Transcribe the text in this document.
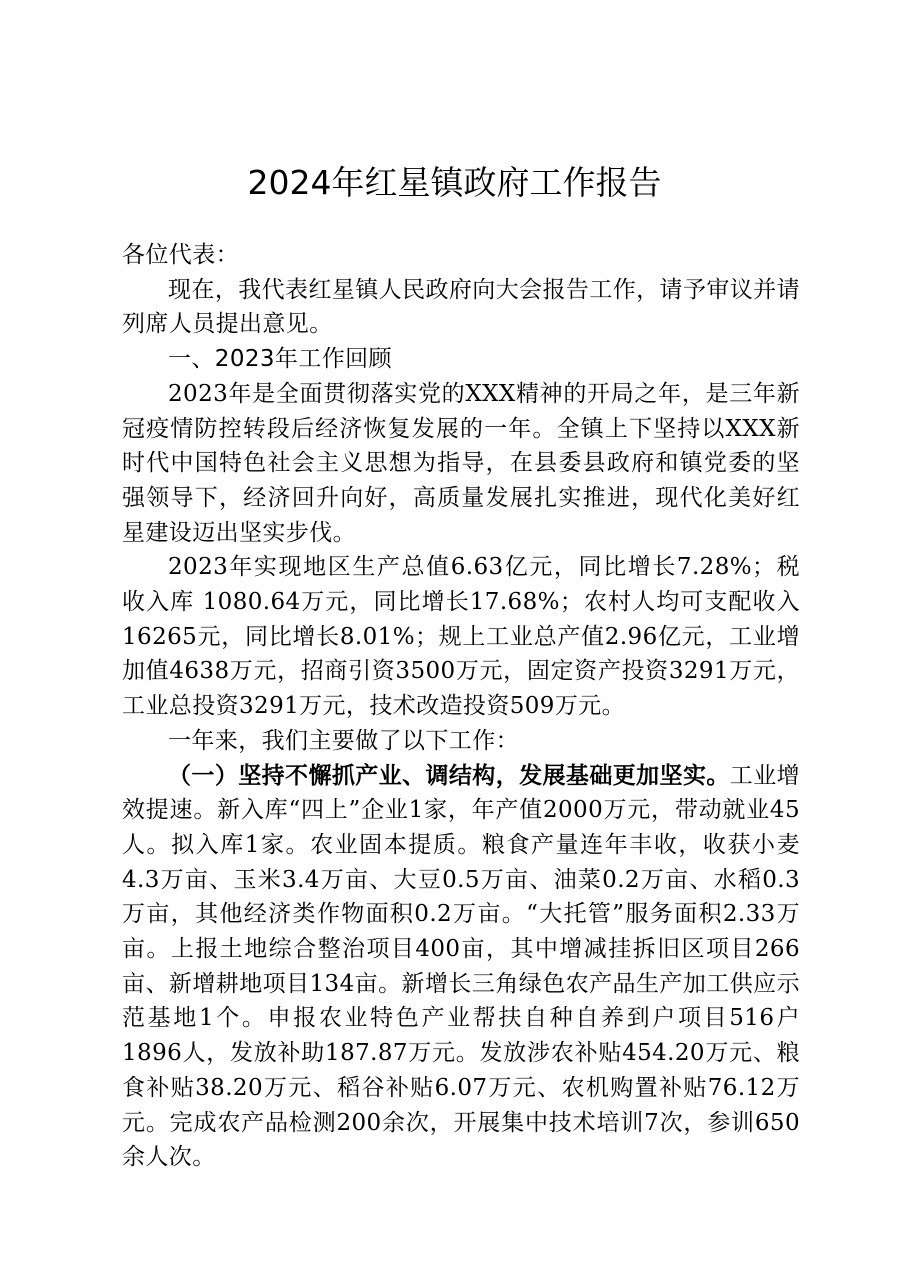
2024年红星镇政府工作报告

各位代表：

现在，我代表红星镇人民政府向大会报告工作，请予审议并请列席人员提出意见。

一、2023年工作回顾

2023年是全面贯彻落实党的XXX精神的开局之年，是三年新冠疫情防控转段后经济恢复发展的一年。全镇上下坚持以XXX新时代中国特色社会主义思想为指导，在县委县政府和镇党委的坚强领导下，经济回升向好，高质量发展扎实推进，现代化美好红星建设迈出坚实步伐。

2023年实现地区生产总值6.63亿元，同比增长7.28%；税收入库 1080.64万元，同比增长17.68%；农村人均可支配收入16265元，同比增长8.01%；规上工业总产值2.96亿元，工业增加值4638万元，招商引资3500万元，固定资产投资3291万元，工业总投资3291万元，技术改造投资509万元。

一年来，我们主要做了以下工作：

（一）坚持不懈抓产业、调结构，发展基础更加坚实。工业增效提速。新入库“四上”企业1家，年产值2000万元，带动就业45人。拟入库1家。农业固本提质。粮食产量连年丰收，收获小麦4.3万亩、玉米3.4万亩、大豆0.5万亩、油菜0.2万亩、水稻0.3万亩，其他经济类作物面积0.2万亩。“大托管”服务面积2.33万亩。上报土地综合整治项目400亩，其中增减挂拆旧区项目266亩、新增耕地项目134亩。新增长三角绿色农产品生产加工供应示范基地1个。申报农业特色产业帮扶自种自养到户项目516户1896人，发放补助187.87万元。发放涉农补贴454.20万元、粮食补贴38.20万元、稻谷补贴6.07万元、农机购置补贴76.12万元。完成农产品检测200余次，开展集中技术培训7次，参训650余人次。
